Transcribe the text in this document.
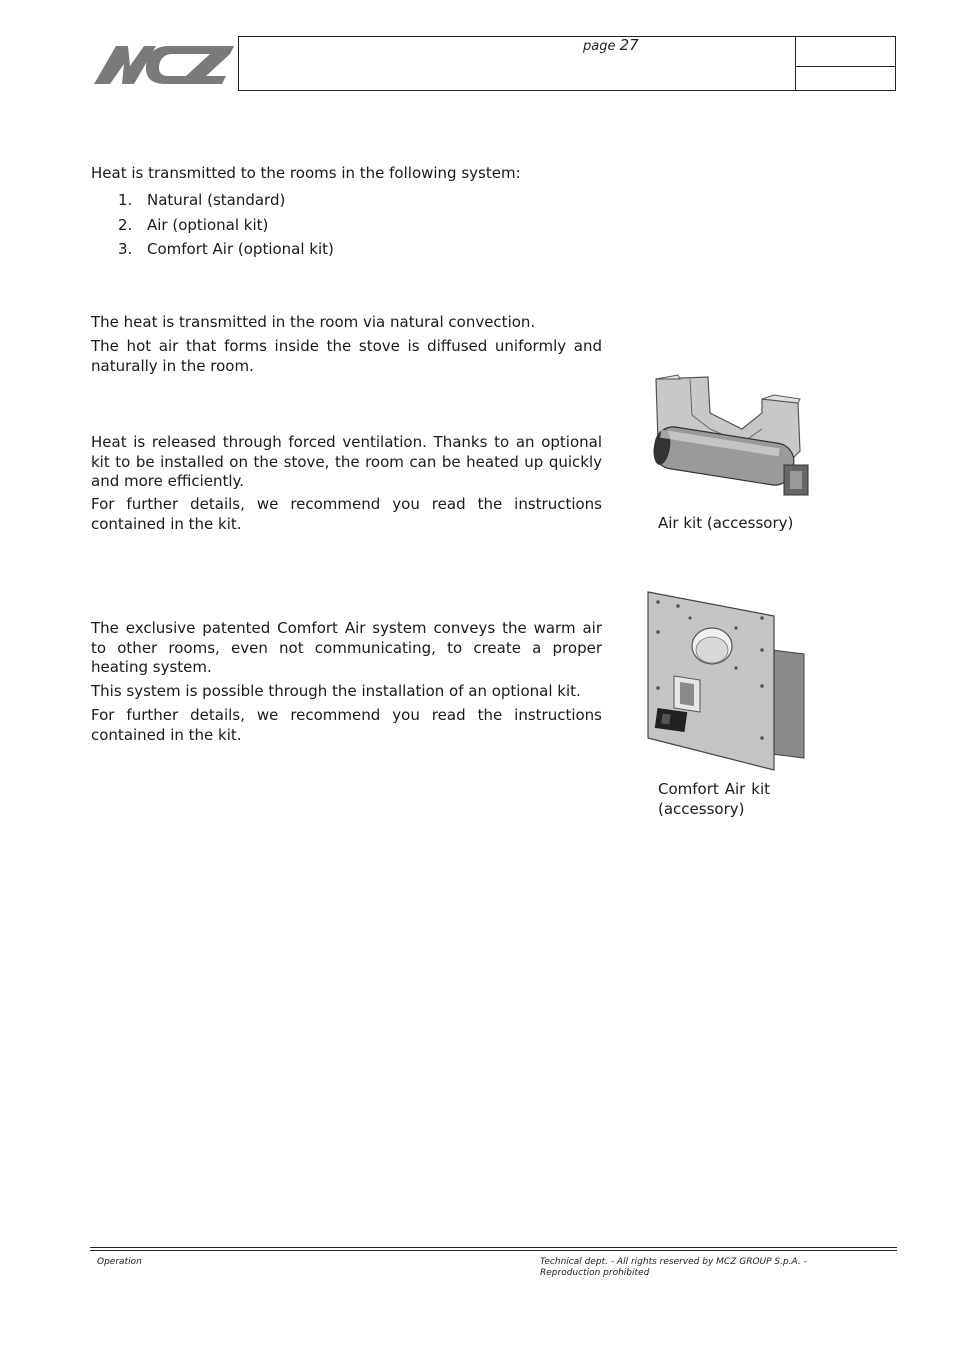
page 27
Heat is transmitted to the rooms in the following system:
1. Natural (standard)
2. Air (optional kit)
3. Comfort Air (optional kit)
The heat is transmitted in the room via natural convection.
The hot air that forms inside the stove is diffused uniformly and naturally in the room.
Heat is released through forced ventilation. Thanks to an optional kit to be installed on the stove, the room can be heated up quickly and more efficiently.
For further details, we recommend you read the instructions contained in the kit.	Air kit (accessory)
The exclusive patented Comfort Air system conveys the warm air to other rooms, even not communicating, to create a proper heating system.
This system is possible through the installation of an optional kit.
For further details, we recommend you read the instructions contained in the kit.
Comfort Air kit (accessory)
Operation	Technical dept. - All rights reserved by MCZ GROUP S.p.A. - Reproduction prohibited
